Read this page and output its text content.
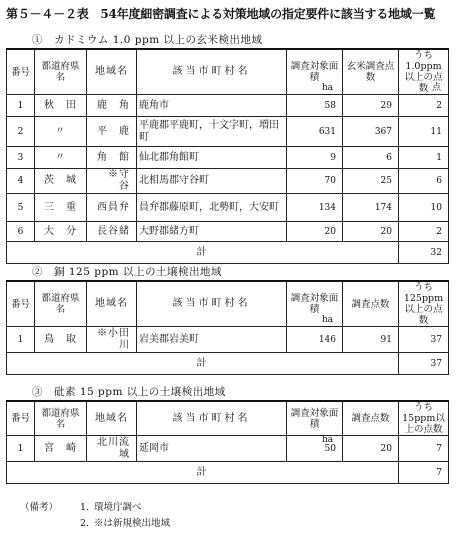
第５－４－２表　54年度細密調査による対策地域の指定要件に該当する地域一覧
①　カドミウム 1.0 ppm 以上の玄米検出地域
番号	都道府県名	地域名	該当市町村名	調査対象面積	玄米調査点数	うち1.0ppm以上の点数
1	秋　田	鹿　角	鹿角市	58	29	2
2	〃	平　鹿	平鹿郡平鹿町，十文字町，増田町	631	367	11
3	〃	角　館	仙北郡角館町	9	6	1
4	茨　城	※守　谷	北相馬郡守谷町	70	25	6
5	三　重	西員弁	員弁郡藤原町，北勢町，大安町	134	174	10
6	大　分	長谷緒	大野郡緒方町	20	20	2
計						32
ha	点
②　銅 125 ppm 以上の土壌検出地域
番号	都道府県名	地域名	該当市町村名	調査対象面積	調査点数	うち125ppm以上の点数
1	鳥　取	※小田川	岩美郡岩美町	146	91	37
計						37
ha
③　砒素 15 ppm 以上の土壌検出地域
番号	都道府県名	地域名	該当市町村名	調査対象面積	調査点数	うち15ppm以上の点数
1	宮　崎	北川流域	延岡市	50	20	7
計						7
ha
（備考）	1. 環境庁調べ
2. ※は新規検出地域
